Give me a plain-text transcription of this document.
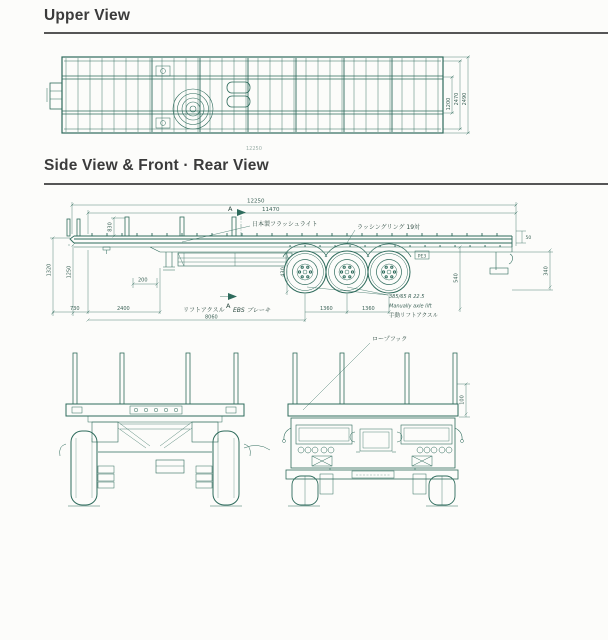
Upper View
Side View & Front · Rear View
1200 2470 2490
12250
12250
11470
A
830
PE3
1320	1250
200
730	2400
8060
1360	1360
430
540
340
50
A
日本製フラッシュライト	ラッシングリング 19対
385/65 R 22.5
Manually axle lift
手動リフトアクスル
リフトアクスル EBS ブレーキ
ロープフック
100
